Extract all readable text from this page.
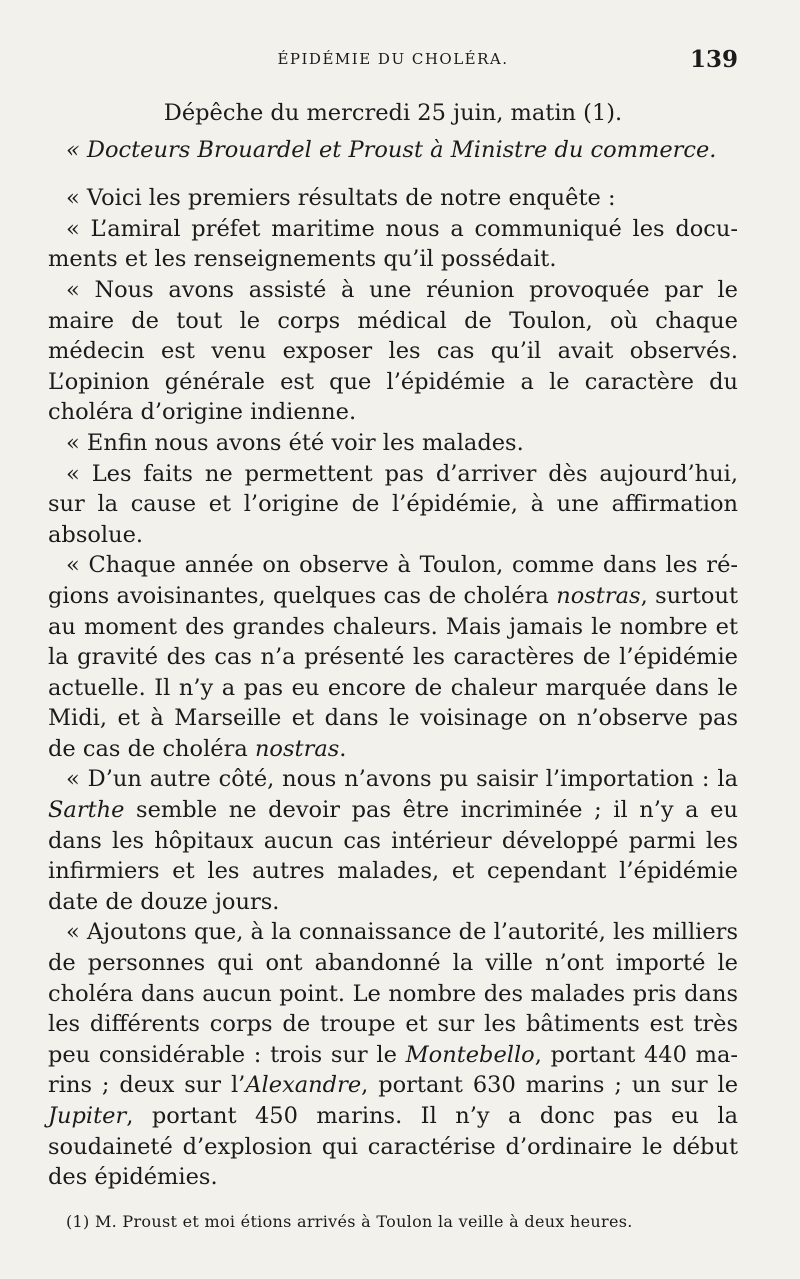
ÉPIDÉMIE DU CHOLÉRA.	139
Dépêche du mercredi 25 juin, matin (1).
« Docteurs Brouardel et Proust à Ministre du commerce.

« Voici les premiers résultats de notre enquête :

« L’amiral préfet maritime nous a communiqué les documents et les renseignements qu’il possédait.

« Nous avons assisté à une réunion provoquée par le maire de tout le corps médical de Toulon, où chaque médecin est venu exposer les cas qu’il avait observés. L’opinion générale est que l’épidémie a le caractère du choléra d’origine indienne.

« Enfin nous avons été voir les malades.

« Les faits ne permettent pas d’arriver dès aujourd’hui, sur la cause et l’origine de l’épidémie, à une affirmation absolue.

« Chaque année on observe à Toulon, comme dans les régions avoisinantes, quelques cas de choléra nostras, surtout au moment des grandes chaleurs. Mais jamais le nombre et la gravité des cas n’a présenté les caractères de l’épidémie actuelle. Il n’y a pas eu encore de chaleur marquée dans le Midi, et à Marseille et dans le voisinage on n’observe pas de cas de choléra nostras.

« D’un autre côté, nous n’avons pu saisir l’importation : la Sarthe semble ne devoir pas être incriminée ; il n’y a eu dans les hôpitaux aucun cas intérieur développé parmi les infirmiers et les autres malades, et cependant l’épidémie date de douze jours.

« Ajoutons que, à la connaissance de l’autorité, les milliers de personnes qui ont abandonné la ville n’ont importé le choléra dans aucun point. Le nombre des malades pris dans les différents corps de troupe et sur les bâtiments est très peu considérable : trois sur le Montebello, portant 440 marins ; deux sur l’Alexandre, portant 630 marins ; un sur le Jupiter, portant 450 marins. Il n’y a donc pas eu la soudaineté d’explosion qui caractérise d’ordinaire le début des épidémies.

(1) M. Proust et moi étions arrivés à Toulon la veille à deux heures.
